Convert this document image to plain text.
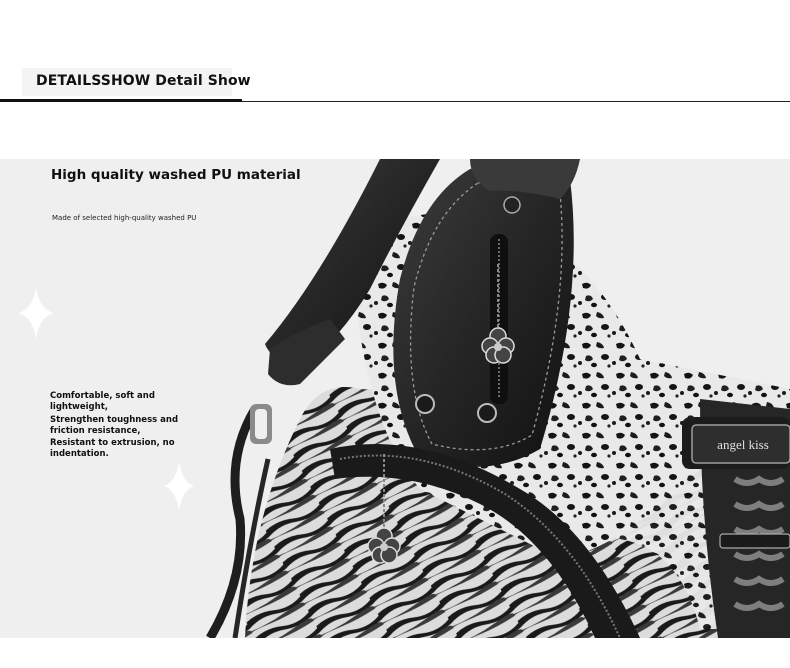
DETAILSSHOW Detail Show
angel kiss
High quality washed PU material
Made of selected high-quality washed PU
Comfortable, soft and lightweight,
Strengthen toughness and friction resistance,
Resistant to extrusion, no indentation.
